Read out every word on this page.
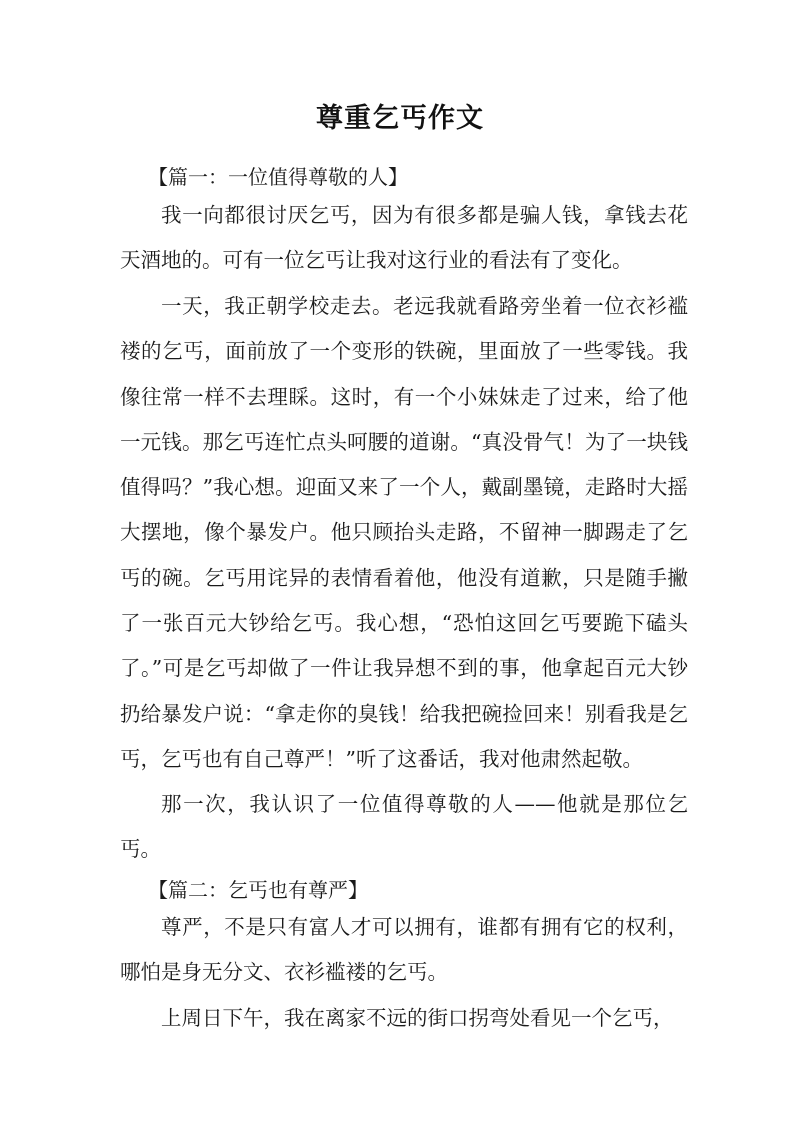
尊重乞丐作文
【篇一：一位值得尊敬的人】

我一向都很讨厌乞丐，因为有很多都是骗人钱，拿钱去花天酒地的。可有一位乞丐让我对这行业的看法有了变化。

一天，我正朝学校走去。老远我就看路旁坐着一位衣衫褴褛的乞丐，面前放了一个变形的铁碗，里面放了一些零钱。我像往常一样不去理睬。这时，有一个小妹妹走了过来，给了他一元钱。那乞丐连忙点头呵腰的道谢。“真没骨气！为了一块钱值得吗？”我心想。迎面又来了一个人，戴副墨镜，走路时大摇大摆地，像个暴发户。他只顾抬头走路，不留神一脚踢走了乞丐的碗。乞丐用诧异的表情看着他，他没有道歉，只是随手撇了一张百元大钞给乞丐。我心想，“恐怕这回乞丐要跪下磕头了。”可是乞丐却做了一件让我异想不到的事，他拿起百元大钞扔给暴发户说：“拿走你的臭钱！给我把碗捡回来！别看我是乞丐，乞丐也有自己尊严！”听了这番话，我对他肃然起敬。

那一次，我认识了一位值得尊敬的人——他就是那位乞丐。

【篇二：乞丐也有尊严】

尊严，不是只有富人才可以拥有，谁都有拥有它的权利，哪怕是身无分文、衣衫褴褛的乞丐。

上周日下午，我在离家不远的街口拐弯处看见一个乞丐，
